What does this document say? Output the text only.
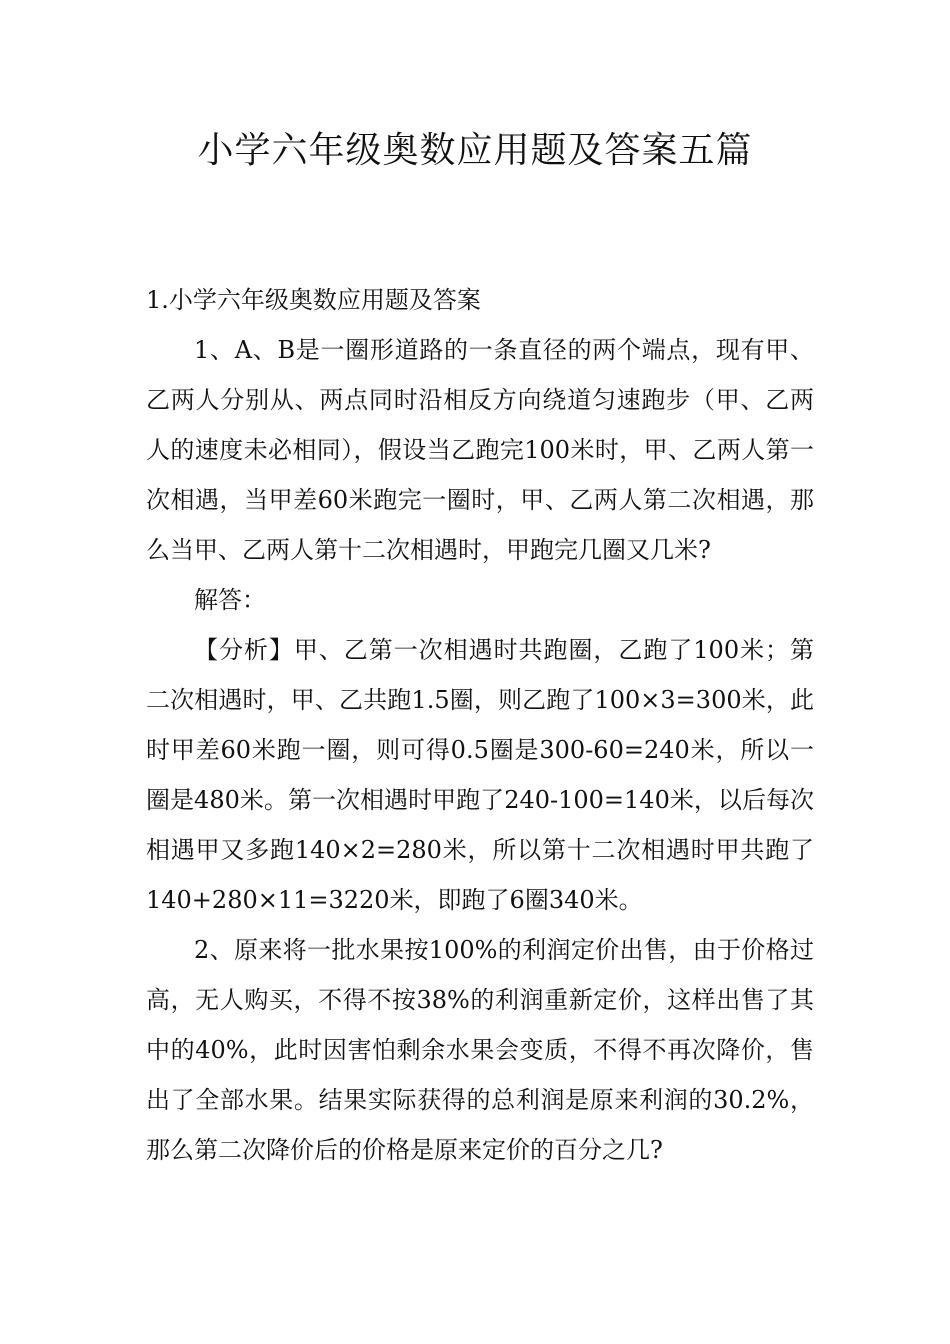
小学六年级奥数应用题及答案五篇

1.小学六年级奥数应用题及答案

1、A、B是一圈形道路的一条直径的两个端点，现有甲、乙两人分别从、两点同时沿相反方向绕道匀速跑步（甲、乙两人的速度未必相同），假设当乙跑完100米时，甲、乙两人第一次相遇，当甲差60米跑完一圈时，甲、乙两人第二次相遇，那么当甲、乙两人第十二次相遇时，甲跑完几圈又几米?

解答：

【分析】甲、乙第一次相遇时共跑圈，乙跑了100米；第二次相遇时，甲、乙共跑1.5圈，则乙跑了100×3=300米，此时甲差60米跑一圈，则可得0.5圈是300-60=240米，所以一圈是480米。第一次相遇时甲跑了240-100=140米，以后每次相遇甲又多跑140×2=280米，所以第十二次相遇时甲共跑了140+280×11=3220米，即跑了6圈340米。

2、原来将一批水果按100%的利润定价出售，由于价格过高，无人购买，不得不按38%的利润重新定价，这样出售了其中的40%，此时因害怕剩余水果会变质，不得不再次降价，售出了全部水果。结果实际获得的总利润是原来利润的30.2%，那么第二次降价后的价格是原来定价的百分之几?
